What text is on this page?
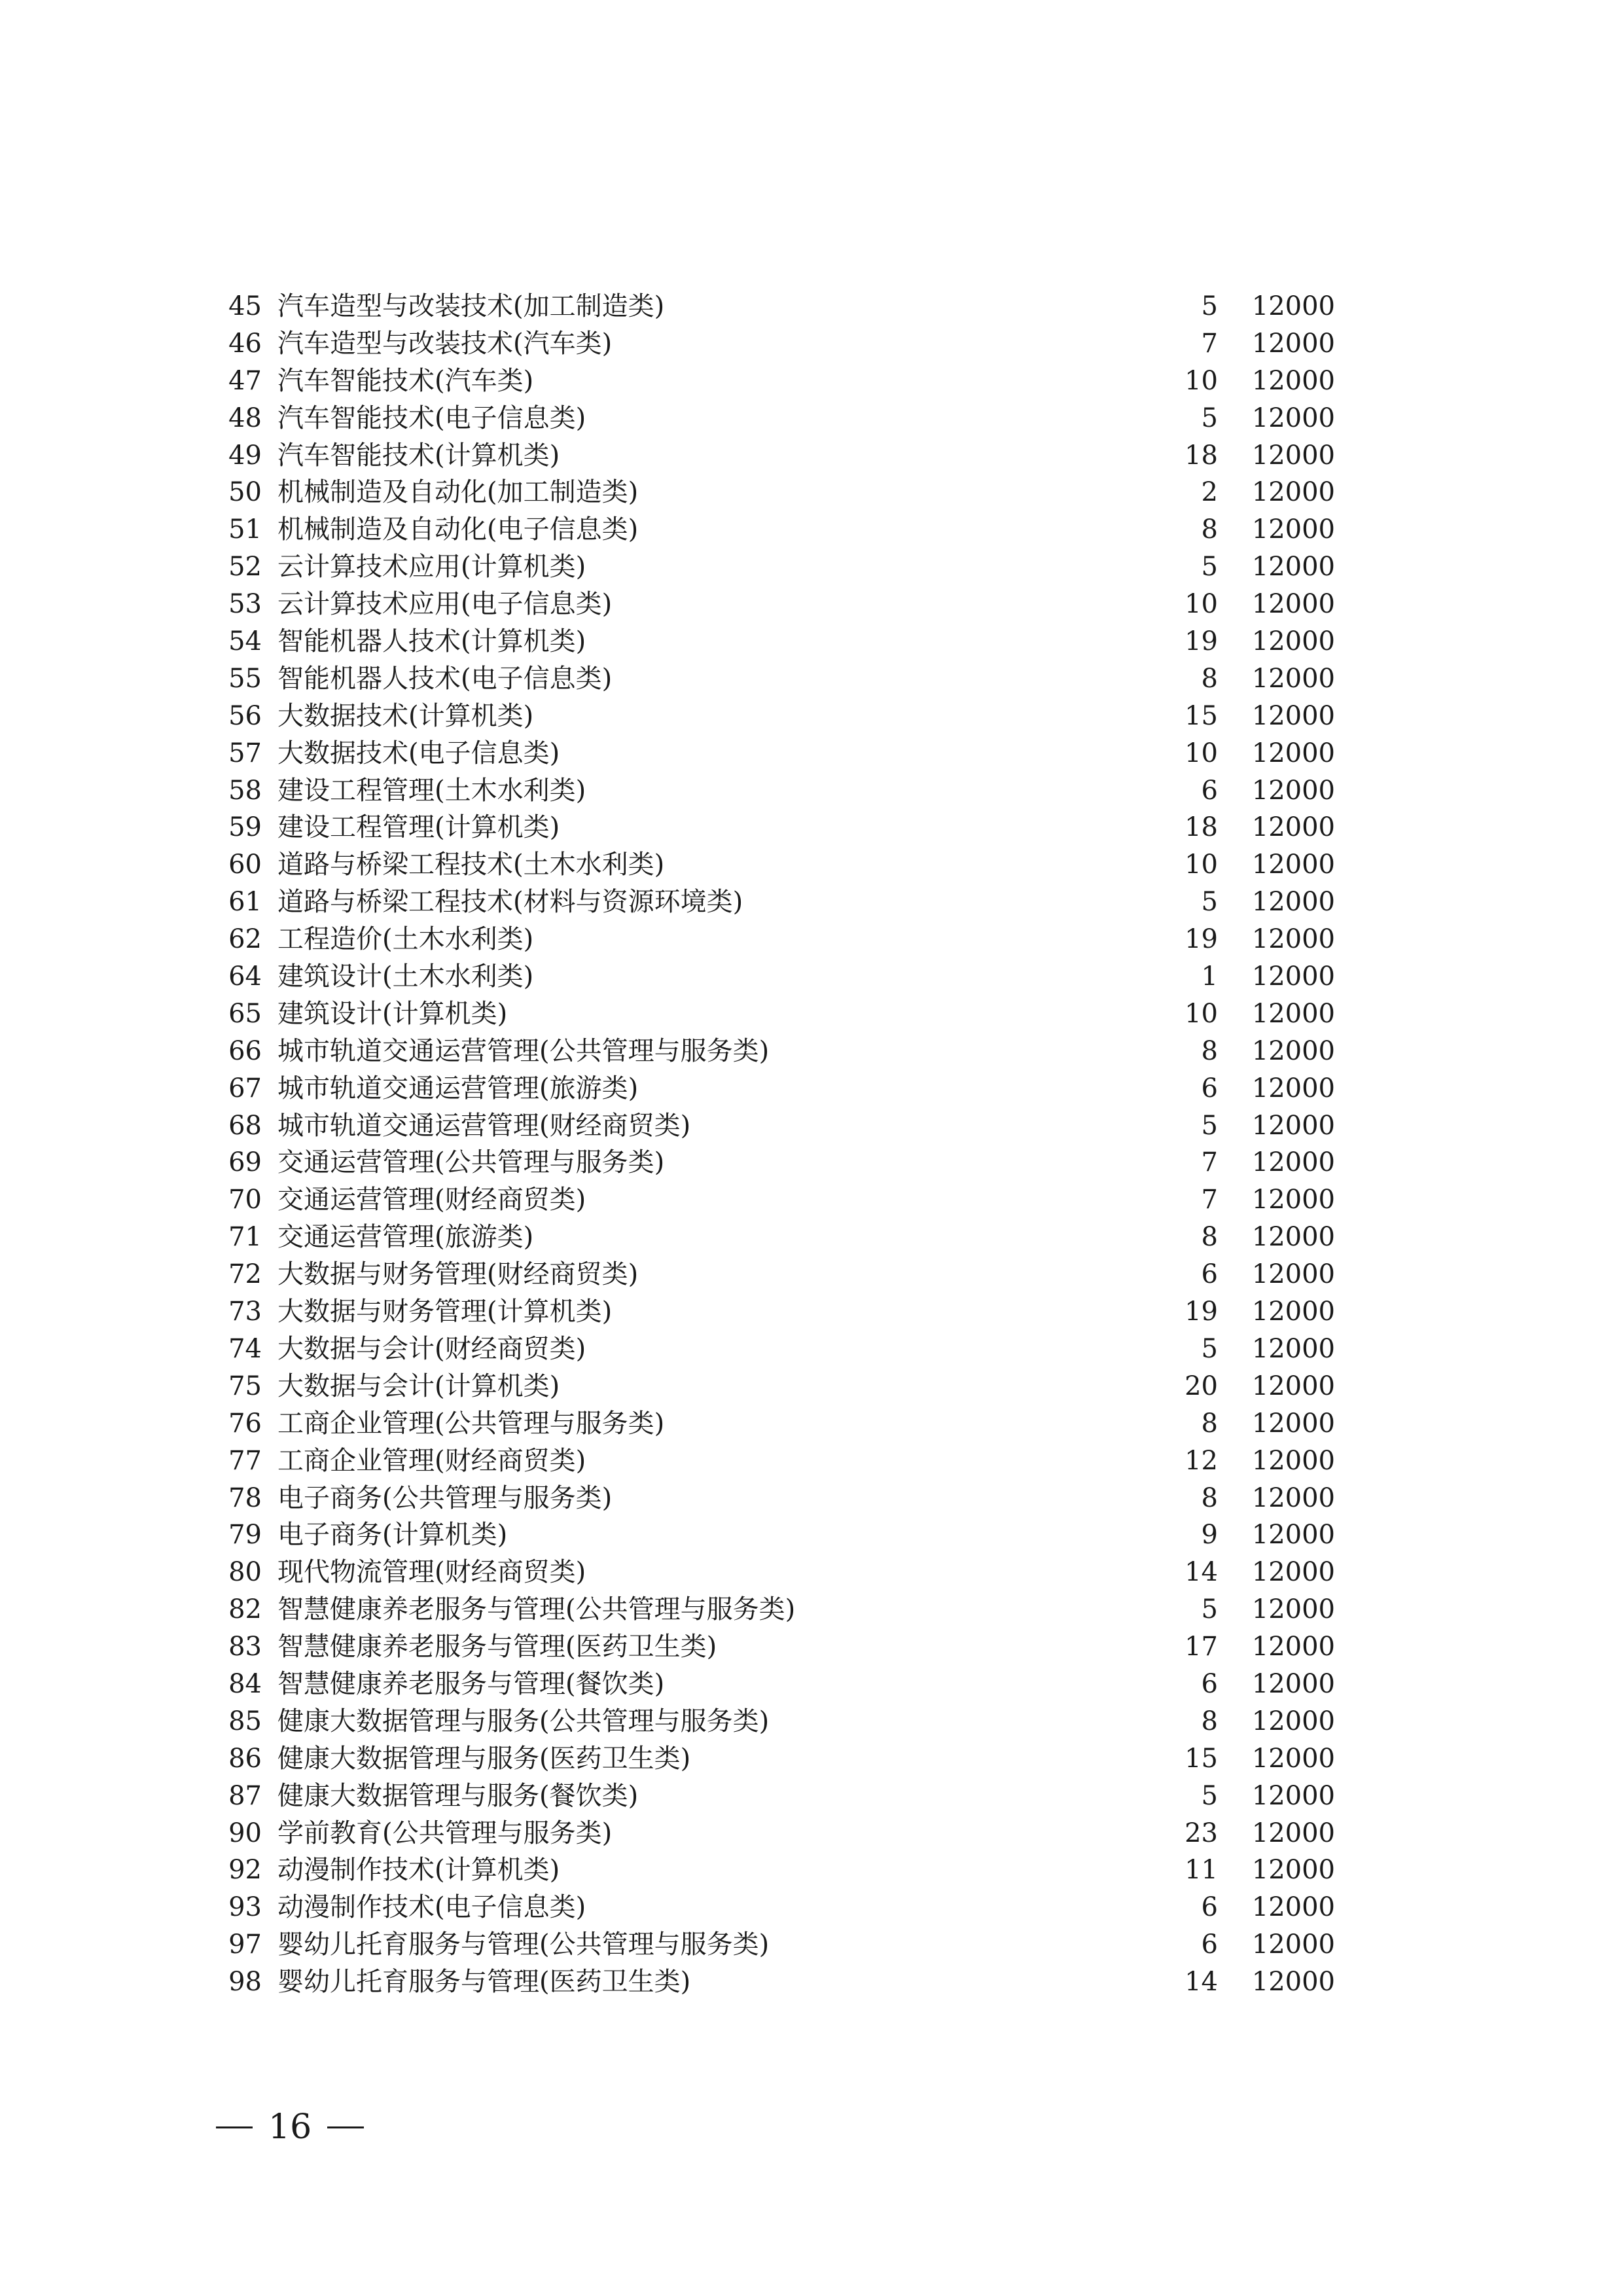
45 汽车造型与改装技术(加工制造类)	5	12000
46 汽车造型与改装技术(汽车类)	7	12000
47 汽车智能技术(汽车类)	10	12000
48 汽车智能技术(电子信息类)	5	12000
49 汽车智能技术(计算机类)	18	12000
50 机械制造及自动化(加工制造类)	2	12000
51 机械制造及自动化(电子信息类)	8	12000
52 云计算技术应用(计算机类)	5	12000
53 云计算技术应用(电子信息类)	10	12000
54 智能机器人技术(计算机类)	19	12000
55 智能机器人技术(电子信息类)	8	12000
56 大数据技术(计算机类)	15	12000
57 大数据技术(电子信息类)	10	12000
58 建设工程管理(土木水利类)	6	12000
59 建设工程管理(计算机类)	18	12000
60 道路与桥梁工程技术(土木水利类)	10	12000
61 道路与桥梁工程技术(材料与资源环境类)	5	12000
62 工程造价(土木水利类)	19	12000
64 建筑设计(土木水利类)	1	12000
65 建筑设计(计算机类)	10	12000
66 城市轨道交通运营管理(公共管理与服务类)	8	12000
67 城市轨道交通运营管理(旅游类)	6	12000
68 城市轨道交通运营管理(财经商贸类)	5	12000
69 交通运营管理(公共管理与服务类)	7	12000
70 交通运营管理(财经商贸类)	7	12000
71 交通运营管理(旅游类)	8	12000
72 大数据与财务管理(财经商贸类)	6	12000
73 大数据与财务管理(计算机类)	19	12000
74 大数据与会计(财经商贸类)	5	12000
75 大数据与会计(计算机类)	20	12000
76 工商企业管理(公共管理与服务类)	8	12000
77 工商企业管理(财经商贸类)	12	12000
78 电子商务(公共管理与服务类)	8	12000
79 电子商务(计算机类)	9	12000
80 现代物流管理(财经商贸类)	14	12000
82 智慧健康养老服务与管理(公共管理与服务类)	5	12000
83 智慧健康养老服务与管理(医药卫生类)	17	12000
84 智慧健康养老服务与管理(餐饮类)	6	12000
85 健康大数据管理与服务(公共管理与服务类)	8	12000
86 健康大数据管理与服务(医药卫生类)	15	12000
87 健康大数据管理与服务(餐饮类)	5	12000
90 学前教育(公共管理与服务类)	23	12000
92 动漫制作技术(计算机类)	11	12000
93 动漫制作技术(电子信息类)	6	12000
97 婴幼儿托育服务与管理(公共管理与服务类)	6	12000
98 婴幼儿托育服务与管理(医药卫生类)	14	12000
16
